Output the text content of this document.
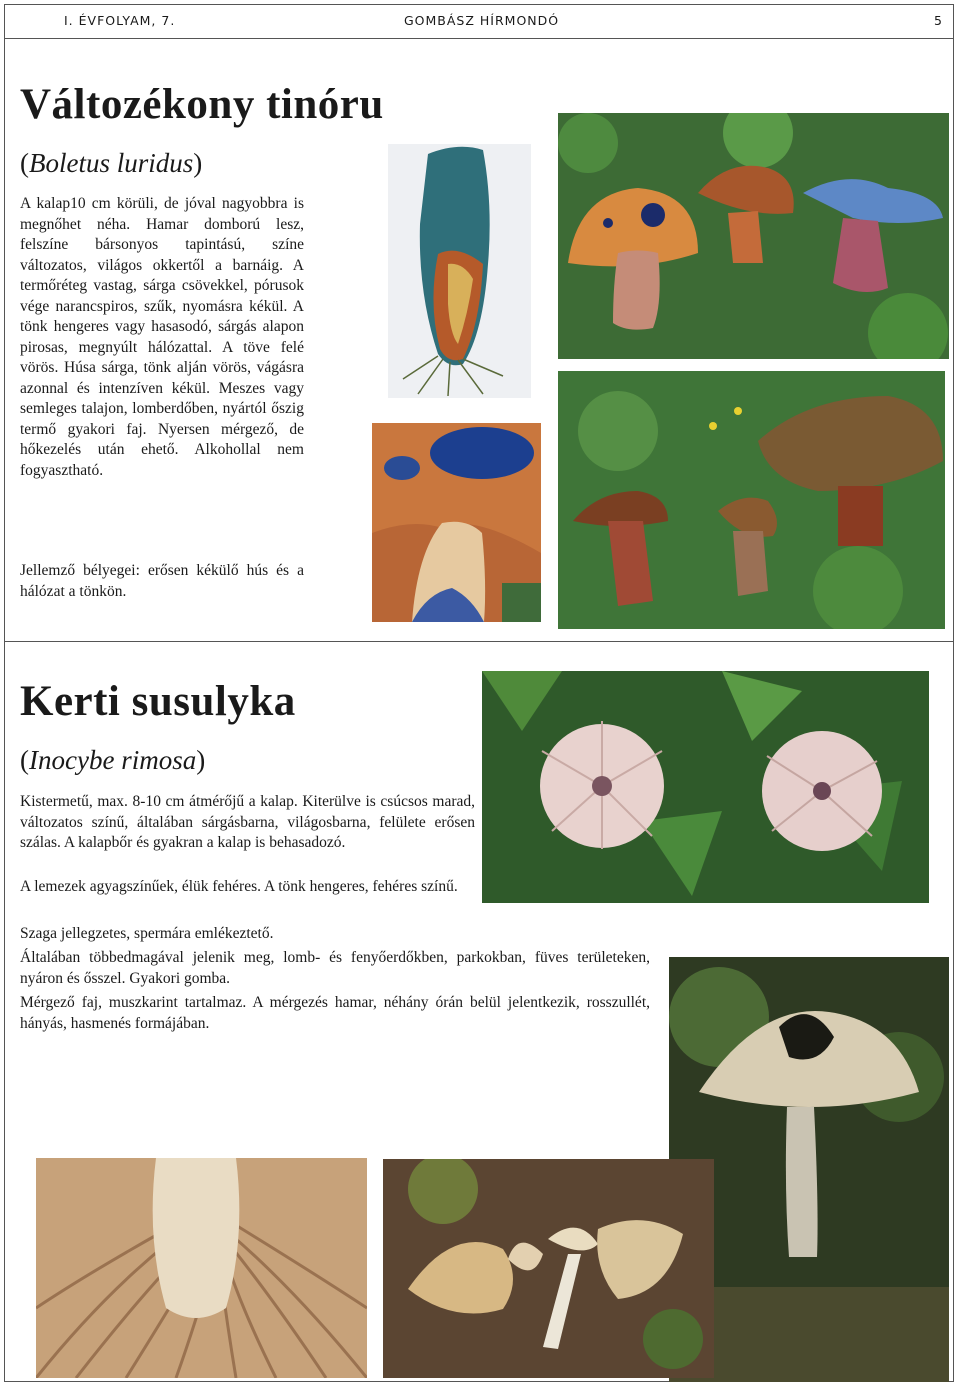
I. ÉVFOLYAM, 7.	GOMBÁSZ HÍRMONDÓ	5
Változékony tinóru

(Boletus luridus)

A kalap10 cm körüli, de jóval nagyobbra is megnőhet néha. Hamar domború lesz, felszíne bársonyos tapintású, színe változatos, világos okkertől a barnáig. A termőréteg vastag, sárga csövekkel, pórusok vége narancspiros, szűk, nyomásra kékül. A tönk hengeres vagy hasasodó, sárgás alapon pirosas, megnyúlt hálózattal. A töve felé vörös. Húsa sárga, tönk alján vörös, vágásra azonnal és intenzíven kékül. Meszes vagy semleges talajon, lomberdőben, nyártól őszig termő gyakori faj. Nyersen mérgező, de hőkezelés után ehető. Alkohollal nem fogyasztható.

Jellemző bélyegei: erősen kékülő hús és a hálózat a tönkön.

Kerti susulyka

(Inocybe rimosa)

Kistermetű, max. 8-10 cm átmérőjű a kalap. Kiterülve is csúcsos marad, változatos színű, általában sárgásbarna, világosbarna, felülete erősen szálas. A kalapbőr és gyakran a kalap is behasadozó.

A lemezek agyagszínűek, élük fehéres. A tönk hengeres, fehéres színű.

Szaga jellegzetes, spermára emlékeztető.

Általában többedmagával jelenik meg, lomb- és fenyőerdőkben, parkokban, füves területeken, nyáron és ősszel. Gyakori gomba.

Mérgező faj, muszkarint tartalmaz. A mérgezés hamar, néhány órán belül jelentkezik, rosszullét, hányás, hasmenés formájában.
